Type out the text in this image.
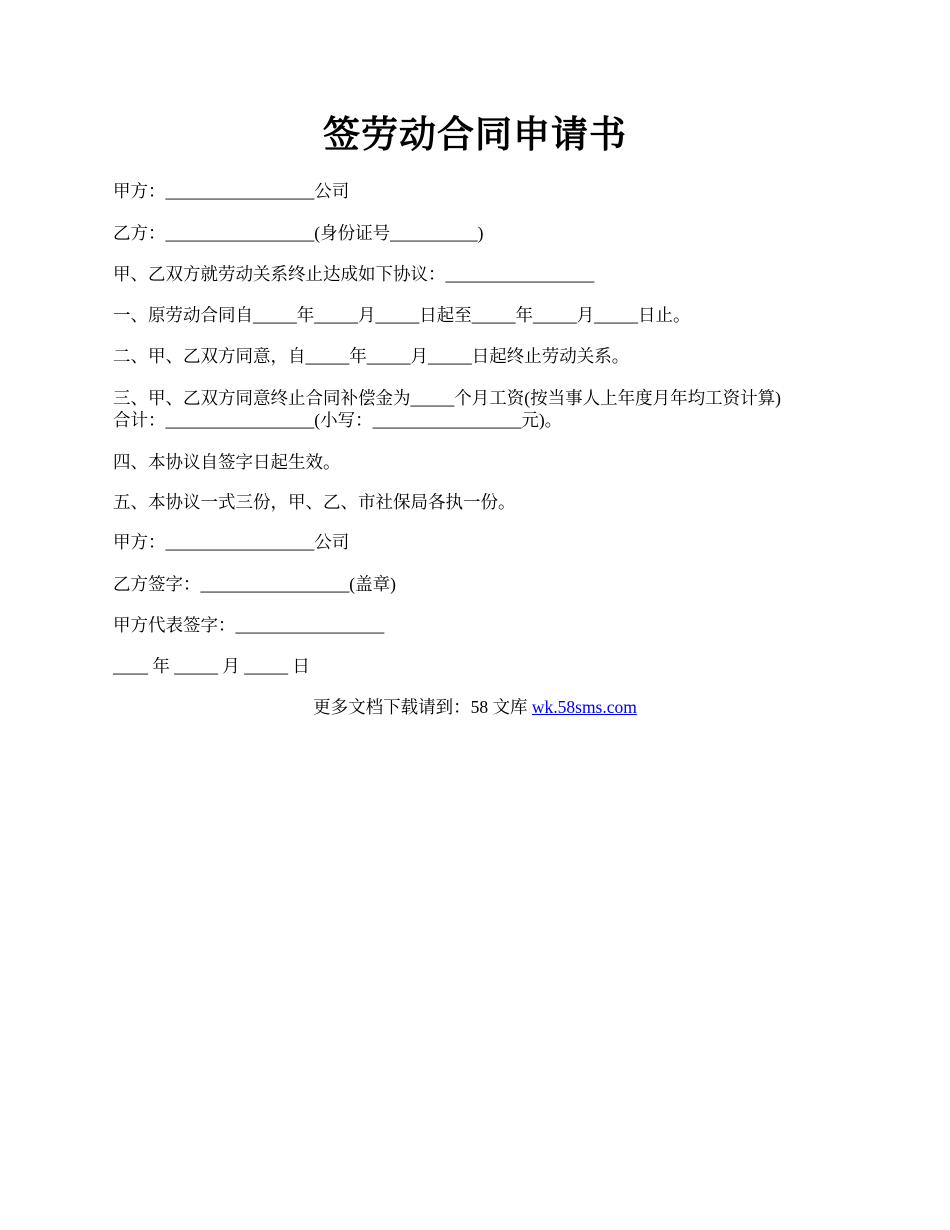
签劳动合同申请书
甲方：_________________公司
乙方：_________________(身份证号__________)
甲、乙双方就劳动关系终止达成如下协议：_________________
一、原劳动合同自_____年_____月_____日起至_____年_____月_____日止。
二、甲、乙双方同意，自_____年_____月_____日起终止劳动关系。
三、甲、乙双方同意终止合同补偿金为_____个月工资(按当事人上年度月年均工资计算)
合计：_________________(小写：_________________元)。
四、本协议自签字日起生效。
五、本协议一式三份，甲、乙、市社保局各执一份。
甲方：_________________公司
乙方签字：_________________(盖章)
甲方代表签字：_________________
____ 年 _____ 月 _____ 日
更多文档下载请到：58 文库 wk.58sms.com
